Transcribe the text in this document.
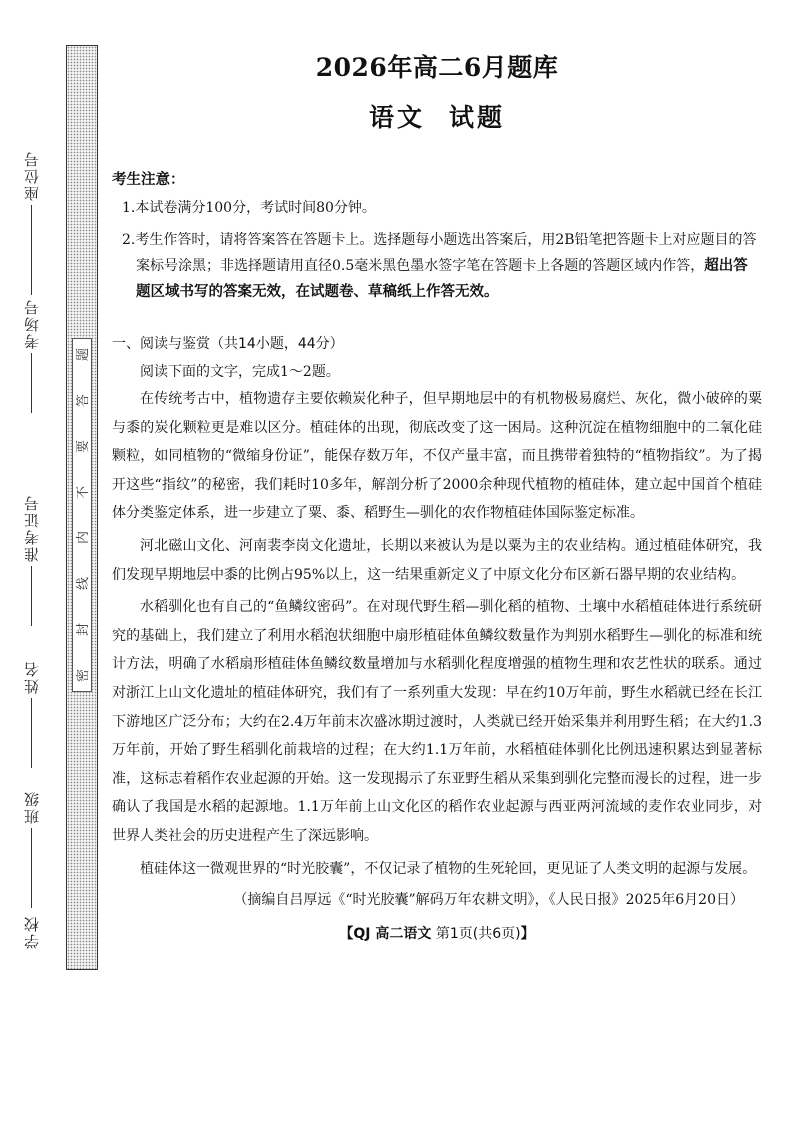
座位号
考场号
准考证号
姓名
班级
学校
题
答
要
不
内
线
封
密
2026年高二6月题库
语文 试题
考生注意：
1.本试卷满分100分，考试时间80分钟。
2.考生作答时，请将答案答在答题卡上。选择题每小题选出答案后，用2B铅笔把答题卡上对应题目的答案标号涂黑；非选择题请用直径0.5毫米黑色墨水签字笔在答题卡上各题的答题区域内作答，超出答题区域书写的答案无效，在试题卷、草稿纸上作答无效。
一、阅读与鉴赏（共14小题，44分）
阅读下面的文字，完成1～2题。

在传统考古中，植物遗存主要依赖炭化种子，但早期地层中的有机物极易腐烂、灰化，微小破碎的粟与黍的炭化颗粒更是难以区分。植硅体的出现，彻底改变了这一困局。这种沉淀在植物细胞中的二氧化硅颗粒，如同植物的“微缩身份证”，能保存数万年，不仅产量丰富，而且携带着独特的“植物指纹”。为了揭开这些“指纹”的秘密，我们耗时10多年，解剖分析了2000余种现代植物的植硅体，建立起中国首个植硅体分类鉴定体系，进一步建立了粟、黍、稻野生—驯化的农作物植硅体国际鉴定标准。

河北磁山文化、河南裴李岗文化遗址，长期以来被认为是以粟为主的农业结构。通过植硅体研究，我们发现早期地层中黍的比例占95%以上，这一结果重新定义了中原文化分布区新石器早期的农业结构。

水稻驯化也有自己的“鱼鳞纹密码”。在对现代野生稻—驯化稻的植物、土壤中水稻植硅体进行系统研究的基础上，我们建立了利用水稻泡状细胞中扇形植硅体鱼鳞纹数量作为判别水稻野生—驯化的标准和统计方法，明确了水稻扇形植硅体鱼鳞纹数量增加与水稻驯化程度增强的植物生理和农艺性状的联系。通过对浙江上山文化遗址的植硅体研究，我们有了一系列重大发现：早在约10万年前，野生水稻就已经在长江下游地区广泛分布；大约在2.4万年前末次盛冰期过渡时，人类就已经开始采集并利用野生稻；在大约1.3万年前，开始了野生稻驯化前栽培的过程；在大约1.1万年前，水稻植硅体驯化比例迅速积累达到显著标准，这标志着稻作农业起源的开始。这一发现揭示了东亚野生稻从采集到驯化完整而漫长的过程，进一步确认了我国是水稻的起源地。1.1万年前上山文化区的稻作农业起源与西亚两河流域的麦作农业同步，对世界人类社会的历史进程产生了深远影响。

植硅体这一微观世界的“时光胶囊”，不仅记录了植物的生死轮回，更见证了人类文明的起源与发展。

（摘编自吕厚远《“时光胶囊”解码万年农耕文明》，《人民日报》2025年6月20日）
【QJ 高二语文 第1页(共6页)】
